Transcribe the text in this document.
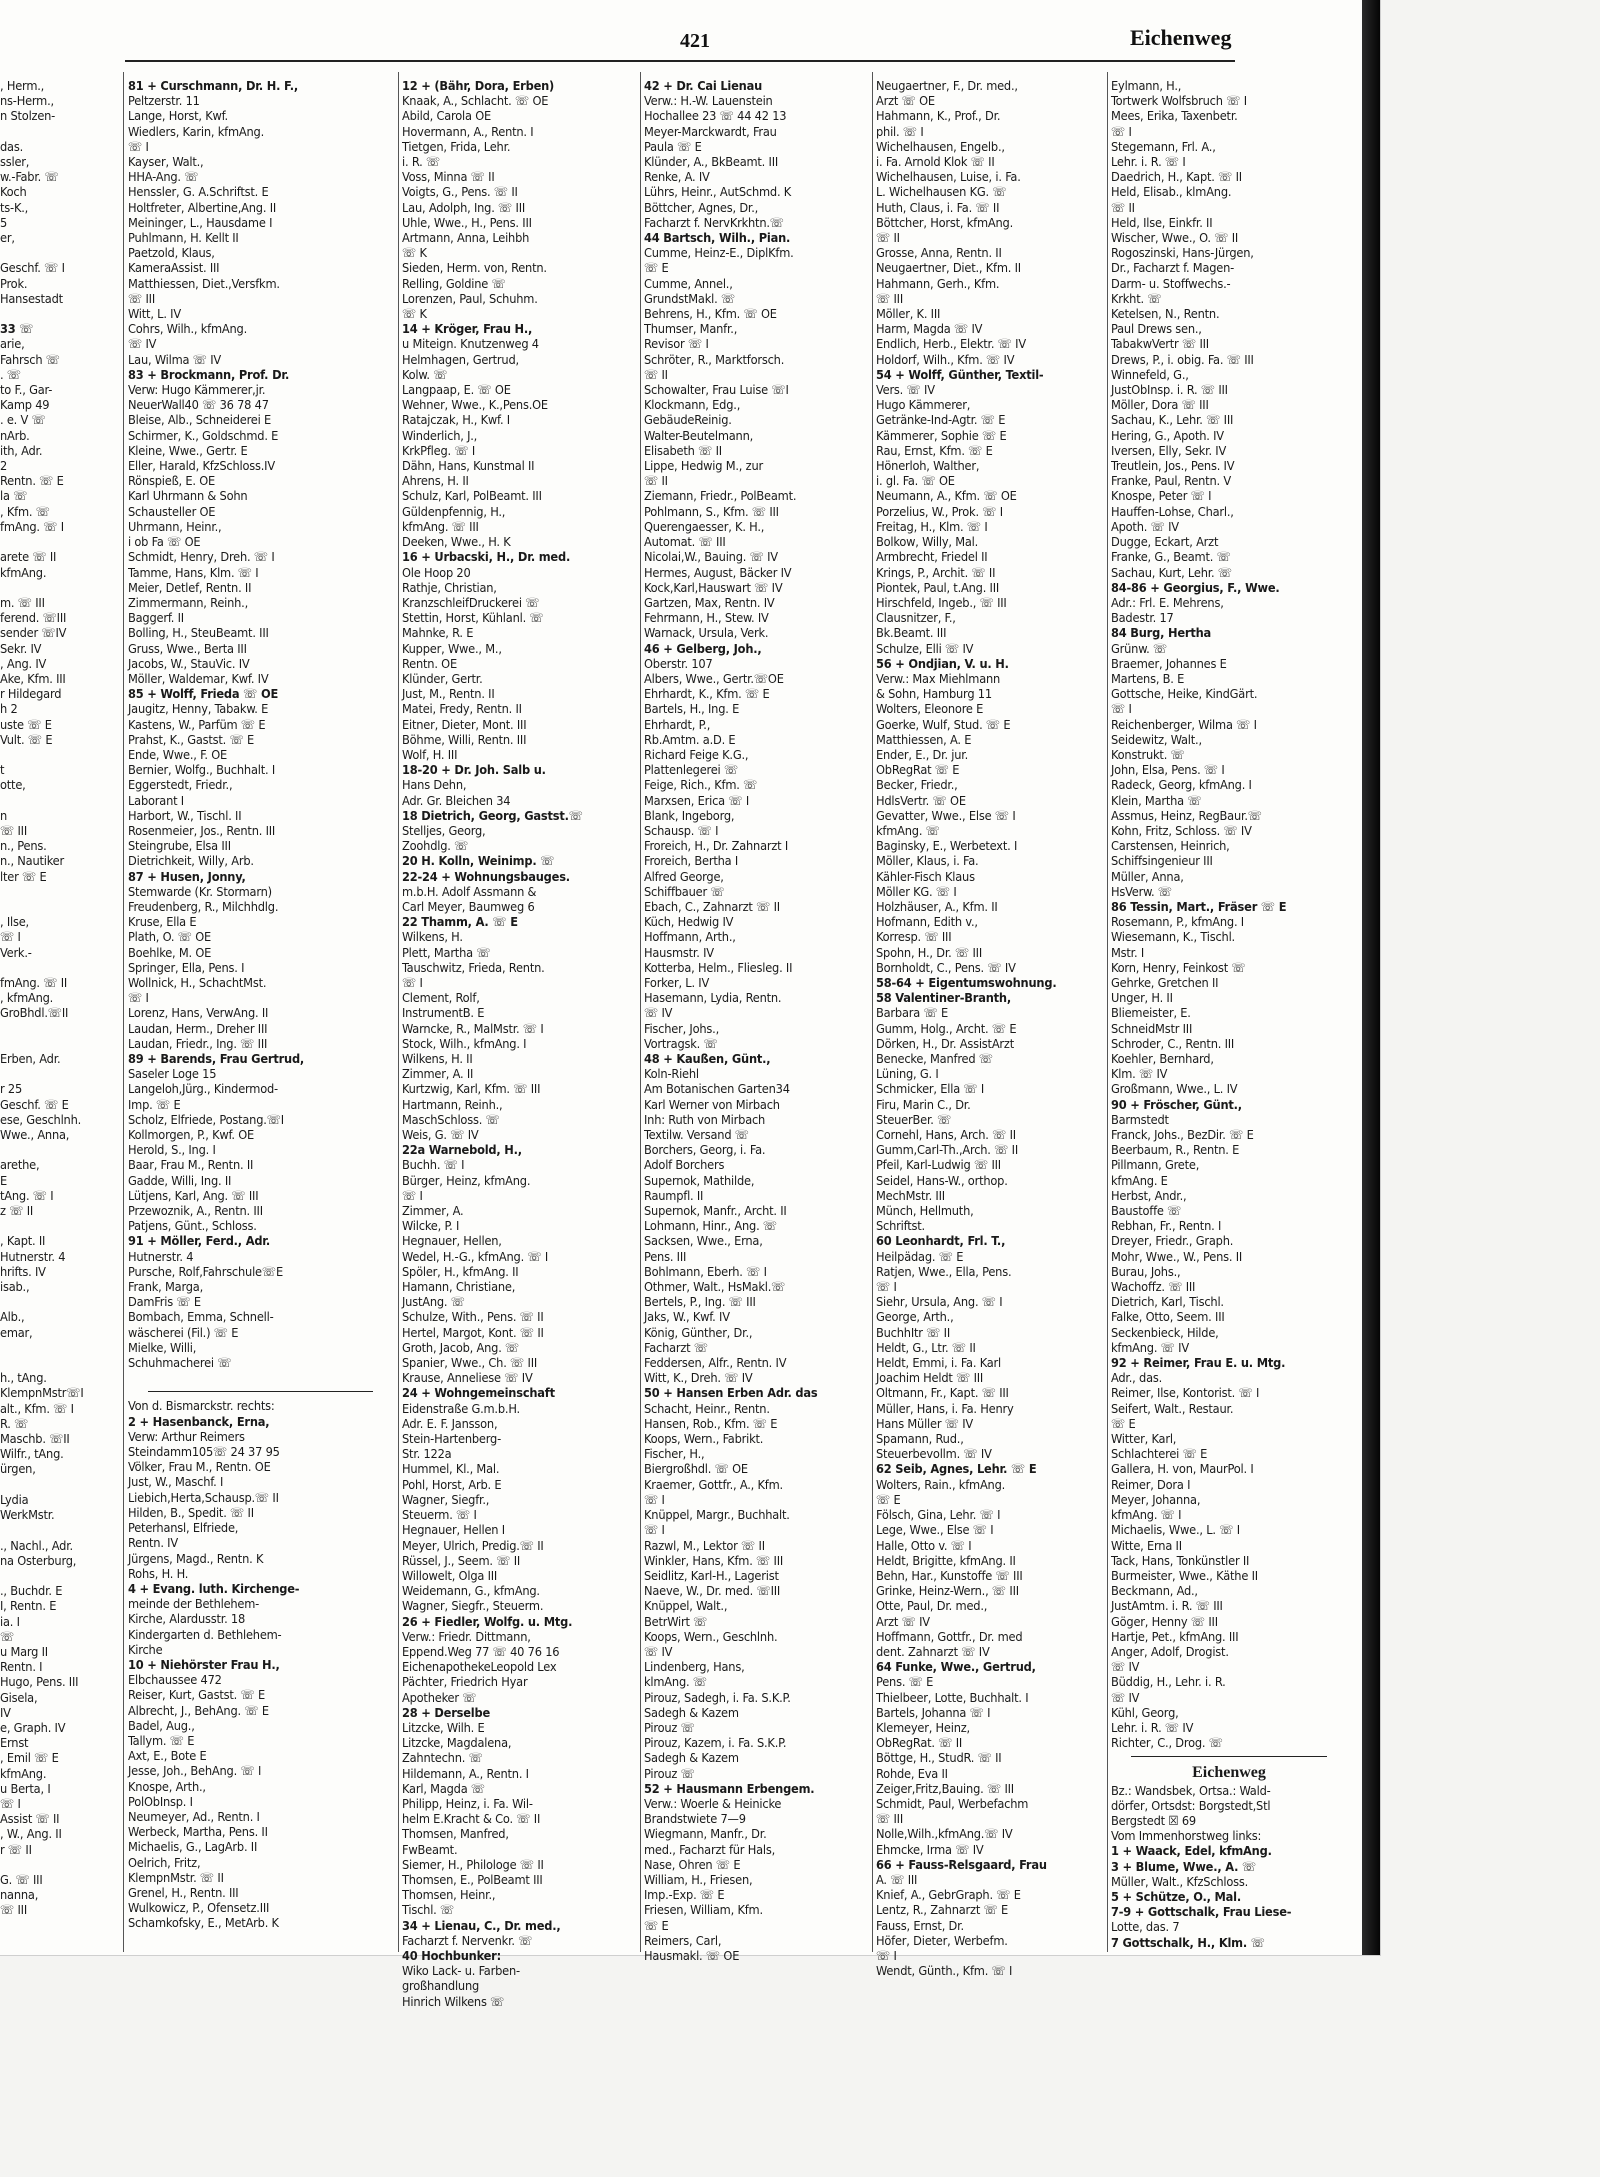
421	Eichenweg
, Herm.,
ns-Herm.,
n Stolzen-

das.
ssler,
w.-Fabr. ☏
Koch
ts-K.,
5
er,

Geschf. ☏ I
Prok.
Hansestadt

33 ☏
arie,
Fahrsch ☏
. ☏
to F., Gar-
Kamp 49
. e. V ☏
nArb.
ith, Adr.
2
Rentn. ☏ E
la ☏
, Kfm. ☏
fmAng. ☏ I

arete ☏ II
kfmAng.

m. ☏ III
ferend. ☏III
sender ☏IV
Sekr. IV
, Ang. IV
Ake, Kfm. III
r Hildegard
h 2
uste ☏ E
Vult. ☏ E

t
otte,

n
☏ III
n., Pens.
n., Nautiker
lter ☏ E

, Ilse,
☏ I
Verk.-

fmAng. ☏ II
, kfmAng.
GroBhdl.☏II

Erben, Adr.

r 25
Geschf. ☏ E
ese, Geschlnh.
Wwe., Anna,

arethe,
E
tAng. ☏ I
z ☏ II

, Kapt. II
Hutnerstr. 4
hrifts. IV
isab.,

Alb.,
emar,

h., tAng.
KlempnMstr☏I
alt., Kfm. ☏ I
R. ☏
Maschb. ☏II
Wilfr., tAng.
ürgen,

Lydia
WerkMstr.

., Nachl., Adr.
na Osterburg,

., Buchdr. E
I, Rentn. E
ia. I
☏
u Marg II
Rentn. I
Hugo, Pens. III
Gisela,
IV
e, Graph. IV
Ernst
, Emil ☏ E
kfmAng.
u Berta, I
☏ I
Assist ☏ II
, W., Ang. II
r ☏ II

G. ☏ III
nanna,
☏ III
81 + Curschmann, Dr. H. F.,
Peltzerstr. 11
Lange, Horst, Kwf.
Wiedlers, Karin, kfmAng.
☏ I
Kayser, Walt.,
HHA-Ang. ☏
Henssler, G. A.Schriftst. E
Holtfreter, Albertine,Ang. II
Meininger, L., Hausdame I
Puhlmann, H. Kellt II
Paetzold, Klaus,
KameraAssist. III
Matthiessen, Diet.,Versfkm.
☏ III
Witt, L. IV
Cohrs, Wilh., kfmAng.
☏ IV
Lau, Wilma ☏ IV
83 + Brockmann, Prof. Dr.
Verw: Hugo Kämmerer,jr.
NeuerWall40 ☏ 36 78 47
Bleise, Alb., Schneiderei E
Schirmer, K., Goldschmd. E
Kleine, Wwe., Gertr. E
Eller, Harald, KfzSchloss.IV
Rönspieß, E. OE
Karl Uhrmann & Sohn
Schausteller OE
Uhrmann, Heinr.,
i ob Fa ☏ OE
Schmidt, Henry, Dreh. ☏ I
Tamme, Hans, Klm. ☏ I
Meier, Detlef, Rentn. II
Zimmermann, Reinh.,
Baggerf. II
Bolling, H., SteuBeamt. III
Gruss, Wwe., Berta III
Jacobs, W., StauVic. IV
Möller, Waldemar, Kwf. IV
85 + Wolff, Frieda ☏ OE
Jaugitz, Henny, Tabakw. E
Kastens, W., Parfüm ☏ E
Prahst, K., Gastst. ☏ E
Ende, Wwe., F. OE
Bernier, Wolfg., Buchhalt. I
Eggerstedt, Friedr.,
Laborant I
Harbort, W., Tischl. II
Rosenmeier, Jos., Rentn. III
Steingrube, Elsa III
Dietrichkeit, Willy, Arb.
87 + Husen, Jonny,
Stemwarde (Kr. Stormarn)
Freudenberg, R., Milchhdlg.
Kruse, Ella E
Plath, O. ☏ OE
Boehlke, M. OE
Springer, Ella, Pens. I
Wollnick, H., SchachtMst.
☏ I
Lorenz, Hans, VerwAng. II
Laudan, Herm., Dreher III
Laudan, Friedr., Ing. ☏ III
89 + Barends, Frau Gertrud,
Saseler Loge 15
Langeloh,Jürg., Kindermod-
Imp. ☏ E
Scholz, Elfriede, Postang.☏I
Kollmorgen, P., Kwf. OE
Herold, S., Ing. I
Baar, Frau M., Rentn. II
Gadde, Willi, Ing. II
Lütjens, Karl, Ang. ☏ III
Przewoznik, A., Rentn. III
Patjens, Günt., Schloss.
91 + Möller, Ferd., Adr.
Hutnerstr. 4
Pursche, Rolf,Fahrschule☏E
Frank, Marga,
DamFris ☏ E
Bombach, Emma, Schnell-
wäscherei (Fil.) ☏ E
Mielke, Willi,
Schuhmacherei ☏

Von d. Bismarckstr. rechts:
2 + Hasenbanck, Erna,
Verw: Arthur Reimers
Steindamm105☏ 24 37 95
Völker, Frau M., Rentn. OE
Just, W., Maschf. I
Liebich,Herta,Schausp.☏ II
Hilden, B., Spedit. ☏ II
Peterhansl, Elfriede,
Rentn. IV
Jürgens, Magd., Rentn. K
Rohs, H. H.
4 + Evang. luth. Kirchenge-
meinde der Bethlehem-
Kirche, Alardusstr. 18
Kindergarten d. Bethlehem-
Kirche
10 + Niehörster Frau H.,
Elbchaussee 472
Reiser, Kurt, Gastst. ☏ E
Albrecht, J., BehAng. ☏ E
Badel, Aug.,
Tallym. ☏ E
Axt, E., Bote E
Jesse, Joh., BehAng. ☏ I
Knospe, Arth.,
PolObInsp. I
Neumeyer, Ad., Rentn. I
Werbeck, Martha, Pens. II
Michaelis, G., LagArb. II
Oelrich, Fritz,
KlempnMstr. ☏ II
Grenel, H., Rentn. III
Wulkowicz, P., Ofensetz.III
Schamkofsky, E., MetArb. K
12 + (Bähr, Dora, Erben)
Knaak, A., Schlacht. ☏ OE
Abild, Carola OE
Hovermann, A., Rentn. I
Tietgen, Frida, Lehr.
i. R. ☏
Voss, Minna ☏ II
Voigts, G., Pens. ☏ II
Lau, Adolph, Ing. ☏ III
Uhle, Wwe., H., Pens. III
Artmann, Anna, Leihbh
☏ K
Sieden, Herm. von, Rentn.
Relling, Goldine ☏
Lorenzen, Paul, Schuhm.
☏ K
14 + Kröger, Frau H.,
u Miteign. Knutzenweg 4
Helmhagen, Gertrud,
Kolw. ☏
Langpaap, E. ☏ OE
Wehner, Wwe., K.,Pens.OE
Ratajczak, H., Kwf. I
Winderlich, J.,
KrkPfleg. ☏ I
Dähn, Hans, Kunstmal II
Ahrens, H. II
Schulz, Karl, PolBeamt. III
Güldenpfennig, H.,
kfmAng. ☏ III
Deeken, Wwe., H. K
16 + Urbacski, H., Dr. med.
Ole Hoop 20
Rathje, Christian,
KranzschleifDruckerei ☏
Stettin, Horst, Kühlanl. ☏
Mahnke, R. E
Kupper, Wwe., M.,
Rentn. OE
Klünder, Gertr.
Just, M., Rentn. II
Matei, Fredy, Rentn. II
Eitner, Dieter, Mont. III
Böhme, Willi, Rentn. III
Wolf, H. III
18-20 + Dr. Joh. Salb u.
Hans Dehn,
Adr. Gr. Bleichen 34
18 Dietrich, Georg, Gastst.☏
Stelljes, Georg,
Zoohdlg. ☏
20 H. Kolln, Weinimp. ☏
22-24 + Wohnungsbauges.
m.b.H. Adolf Assmann &
Carl Meyer, Baumweg 6
22 Thamm, A. ☏ E
Wilkens, H.
Plett, Martha ☏
Tauschwitz, Frieda, Rentn.
☏ I
Clement, Rolf,
InstrumentB. E
Warncke, R., MalMstr. ☏ I
Stock, Wilh., kfmAng. I
Wilkens, H. II
Zimmer, A. II
Kurtzwig, Karl, Kfm. ☏ III
Hartmann, Reinh.,
MaschSchloss. ☏
Weis, G. ☏ IV
22a Warnebold, H.,
Buchh. ☏ I
Bürger, Heinz, kfmAng.
☏ I
Zimmer, A.
Wilcke, P. I
Hegnauer, Hellen,
Wedel, H.-G., kfmAng. ☏ I
Spöler, H., kfmAng. II
Hamann, Christiane,
JustAng. ☏
Schulze, With., Pens. ☏ II
Hertel, Margot, Kont. ☏ II
Groth, Jacob, Ang. ☏
Spanier, Wwe., Ch. ☏ III
Krause, Anneliese ☏ IV
24 + Wohngemeinschaft
Eidenstraße G.m.b.H.
Adr. E. F. Jansson,
Stein-Hartenberg-
Str. 122a
Hummel, Kl., Mal.
Pohl, Horst, Arb. E
Wagner, Siegfr.,
Steuerm. ☏ I
Hegnauer, Hellen I
Meyer, Ulrich, Predig.☏ II
Rüssel, J., Seem. ☏ II
Willowelt, Olga III
Weidemann, G., kfmAng.
Wagner, Siegfr., Steuerm.
26 + Fiedler, Wolfg. u. Mtg.
Verw.: Friedr. Dittmann,
Eppend.Weg 77 ☏ 40 76 16
EichenapothekeLeopold Lex
Pächter, Friedrich Hyar
Apotheker ☏
28 + Derselbe
Litzcke, Wilh. E
Litzcke, Magdalena,
Zahntechn. ☏
Hildemann, A., Rentn. I
Karl, Magda ☏
Philipp, Heinz, i. Fa. Wil-
helm E.Kracht & Co. ☏ II
Thomsen, Manfred,
FwBeamt.
Siemer, H., Philologe ☏ II
Thomsen, E., PolBeamt III
Thomsen, Heinr.,
Tischl. ☏
34 + Lienau, C., Dr. med.,
Facharzt f. Nervenkr. ☏
40 Hochbunker:
Wiko Lack- u. Farben-
großhandlung
Hinrich Wilkens ☏
42 + Dr. Cai Lienau
Verw.: H.-W. Lauenstein
Hochallee 23 ☏ 44 42 13
Meyer-Marckwardt, Frau
Paula ☏ E
Klünder, A., BkBeamt. III
Renke, A. IV
Lührs, Heinr., AutSchmd. K
Böttcher, Agnes, Dr.,
Facharzt f. NervKrkhtn.☏
44 Bartsch, Wilh., Pian.
Cumme, Heinz-E., DiplKfm.
☏ E
Cumme, Annel.,
GrundstMakl. ☏
Behrens, H., Kfm. ☏ OE
Thumser, Manfr.,
Revisor ☏ I
Schröter, R., Marktforsch.
☏ II
Schowalter, Frau Luise ☏I
Klockmann, Edg.,
GebäudeReinig.
Walter-Beutelmann,
Elisabeth ☏ II
Lippe, Hedwig M., zur
☏ II
Ziemann, Friedr., PolBeamt.
Pohlmann, S., Kfm. ☏ III
Querengaesser, K. H.,
Automat. ☏ III
Nicolai,W., Bauing. ☏ IV
Hermes, August, Bäcker IV
Kock,Karl,Hauswart ☏ IV
Gartzen, Max, Rentn. IV
Fehrmann, H., Stew. IV
Warnack, Ursula, Verk.
46 + Gelberg, Joh.,
Oberstr. 107
Albers, Wwe., Gertr.☏OE
Ehrhardt, K., Kfm. ☏ E
Bartels, H., Ing. E
Ehrhardt, P.,
Rb.Amtm. a.D. E
Richard Feige K.G.,
Plattenlegerei ☏
Feige, Rich., Kfm. ☏
Marxsen, Erica ☏ I
Blank, Ingeborg,
Schausp. ☏ I
Froreich, H., Dr. Zahnarzt I
Froreich, Bertha I
Alfred George,
Schiffbauer ☏
Ebach, C., Zahnarzt ☏ II
Küch, Hedwig IV
Hoffmann, Arth.,
Hausmstr. IV
Kotterba, Helm., Fliesleg. II
Forker, L. IV
Hasemann, Lydia, Rentn.
☏ IV
Fischer, Johs.,
Vortragsk. ☏
48 + Kaußen, Günt.,
Koln-Riehl
Am Botanischen Garten34
Karl Werner von Mirbach
Inh: Ruth von Mirbach
Textilw. Versand ☏
Borchers, Georg, i. Fa.
Adolf Borchers
Supernok, Mathilde,
Raumpfl. II
Supernok, Manfr., Archt. II
Lohmann, Hinr., Ang. ☏
Sacksen, Wwe., Erna,
Pens. III
Bohlmann, Eberh. ☏ I
Othmer, Walt., HsMakl.☏
Bertels, P., Ing. ☏ III
Jaks, W., Kwf. IV
König, Günther, Dr.,
Facharzt ☏
Feddersen, Alfr., Rentn. IV
Witt, K., Dreh. ☏ IV
50 + Hansen Erben Adr. das
Schacht, Heinr., Rentn.
Hansen, Rob., Kfm. ☏ E
Koops, Wern., Fabrikt.
Fischer, H.,
Biergroßhdl. ☏ OE
Kraemer, Gottfr., A., Kfm.
☏ I
Knüppel, Margr., Buchhalt.
☏ I
Razwl, M., Lektor ☏ II
Winkler, Hans, Kfm. ☏ III
Seidlitz, Karl-H., Lagerist
Naeve, W., Dr. med. ☏III
Knüppel, Walt.,
BetrWirt ☏
Koops, Wern., Geschlnh.
☏ IV
Lindenberg, Hans,
klmAng. ☏
Pirouz, Sadegh, i. Fa. S.K.P.
Sadegh & Kazem
Pirouz ☏
Pirouz, Kazem, i. Fa. S.K.P.
Sadegh & Kazem
Pirouz ☏
52 + Hausmann Erbengem.
Verw.: Woerle & Heinicke
Brandstwiete 7—9
Wiegmann, Manfr., Dr.
med., Facharzt für Hals,
Nase, Ohren ☏ E
William, H., Friesen,
Imp.-Exp. ☏ E
Friesen, William, Kfm.
☏ E
Reimers, Carl,
Hausmakl. ☏ OE
Neugaertner, F., Dr. med.,
Arzt ☏ OE
Hahmann, K., Prof., Dr.
phil. ☏ I
Wichelhausen, Engelb.,
i. Fa. Arnold Klok ☏ II
Wichelhausen, Luise, i. Fa.
L. Wichelhausen KG. ☏
Huth, Claus, i. Fa. ☏ II
Böttcher, Horst, kfmAng.
☏ II
Grosse, Anna, Rentn. II
Neugaertner, Diet., Kfm. II
Hahmann, Gerh., Kfm.
☏ III
Möller, K. III
Harm, Magda ☏ IV
Endlich, Herb., Elektr. ☏ IV
Holdorf, Wilh., Kfm. ☏ IV
54 + Wolff, Günther, Textil-
Vers. ☏ IV
Hugo Kämmerer,
Getränke-Ind-Agtr. ☏ E
Kämmerer, Sophie ☏ E
Rau, Ernst, Kfm. ☏ E
Hönerloh, Walther,
i. gl. Fa. ☏ OE
Neumann, A., Kfm. ☏ OE
Porzelius, W., Prok. ☏ I
Freitag, H., Klm. ☏ I
Bolkow, Willy, Mal.
Armbrecht, Friedel II
Krings, P., Archit. ☏ II
Piontek, Paul, t.Ang. III
Hirschfeld, Ingeb., ☏ III
Clausnitzer, F.,
Bk.Beamt. III
Schulze, Elli ☏ IV
56 + Ondjian, V. u. H.
Verw.: Max Miehlmann
& Sohn, Hamburg 11
Wolters, Eleonore E
Goerke, Wulf, Stud. ☏ E
Matthiessen, A. E
Ender, E., Dr. jur.
ObRegRat ☏ E
Becker, Friedr.,
HdlsVertr. ☏ OE
Gevatter, Wwe., Else ☏ I
kfmAng. ☏
Baginsky, E., Werbetext. I
Möller, Klaus, i. Fa.
Kähler-Fisch Klaus
Möller KG. ☏ I
Holzhäuser, A., Kfm. II
Hofmann, Edith v.,
Korresp. ☏ III
Spohn, H., Dr. ☏ III
Bornholdt, C., Pens. ☏ IV
58-64 + Eigentumswohnung.
58 Valentiner-Branth,
Barbara ☏ E
Gumm, Holg., Archt. ☏ E
Dörken, H., Dr. AssistArzt
Benecke, Manfred ☏
Lüning, G. I
Schmicker, Ella ☏ I
Firu, Marin C., Dr.
SteuerBer. ☏
Cornehl, Hans, Arch. ☏ II
Gumm,Carl-Th.,Arch. ☏ II
Pfeil, Karl-Ludwig ☏ III
Seidel, Hans-W., orthop.
MechMstr. III
Münch, Hellmuth,
Schriftst.
60 Leonhardt, Frl. T.,
Heilpädag. ☏ E
Ratjen, Wwe., Ella, Pens.
☏ I
Siehr, Ursula, Ang. ☏ I
George, Arth.,
BuchhItr ☏ II
Heldt, G., Ltr. ☏ II
Heldt, Emmi, i. Fa. Karl
Joachim Heldt ☏ III
Oltmann, Fr., Kapt. ☏ III
Müller, Hans, i. Fa. Henry
Hans Müller ☏ IV
Spamann, Rud.,
Steuerbevollm. ☏ IV
62 Seib, Agnes, Lehr. ☏ E
Wolters, Rain., kfmAng.
☏ E
Fölsch, Gina, Lehr. ☏ I
Lege, Wwe., Else ☏ I
Halle, Otto v. ☏ I
Heldt, Brigitte, kfmAng. II
Behn, Har., Kunstoffe ☏ III
Grinke, Heinz-Wern., ☏ III
Otte, Paul, Dr. med.,
Arzt ☏ IV
Hoffmann, Gottfr., Dr. med
dent. Zahnarzt ☏ IV
64 Funke, Wwe., Gertrud,
Pens. ☏ E
Thielbeer, Lotte, Buchhalt. I
Bartels, Johanna ☏ I
Klemeyer, Heinz,
ObRegRat. ☏ II
Böttge, H., StudR. ☏ II
Rohde, Eva II
Zeiger,Fritz,Bauing. ☏ III
Schmidt, Paul, Werbefachm
☏ III
Nolle,Wilh.,kfmAng.☏ IV
Ehmcke, Irma ☏ IV
66 + Fauss-Relsgaard, Frau
A. ☏ III
Knief, A., GebrGraph. ☏ E
Lentz, R., Zahnarzt ☏ E
Fauss, Ernst, Dr.
Höfer, Dieter, Werbefm.
☏ I
Wendt, Günth., Kfm. ☏ I
Eylmann, H.,
Tortwerk Wolfsbruch ☏ I
Mees, Erika, Taxenbetr.
☏ I
Stegemann, Frl. A.,
Lehr. i. R. ☏ I
Daedrich, H., Kapt. ☏ II
Held, Elisab., klmAng.
☏ II
Held, Ilse, Einkfr. II
Wischer, Wwe., O. ☏ II
Rogoszinski, Hans-Jürgen,
Dr., Facharzt f. Magen-
Darm- u. Stoffwechs.-
Krkht. ☏
Ketelsen, N., Rentn.
Paul Drews sen.,
TabakwVertr ☏ III
Drews, P., i. obig. Fa. ☏ III
Winnefeld, G.,
JustObInsp. i. R. ☏ III
Möller, Dora ☏ III
Sachau, K., Lehr. ☏ III
Hering, G., Apoth. IV
Iversen, Elly, Sekr. IV
Treutlein, Jos., Pens. IV
Franke, Paul, Rentn. V
Knospe, Peter ☏ I
Hauffen-Lohse, Charl.,
Apoth. ☏ IV
Dugge, Eckart, Arzt
Franke, G., Beamt. ☏
Sachau, Kurt, Lehr. ☏
84-86 + Georgius, F., Wwe.
Adr.: Frl. E. Mehrens,
Badestr. 17
84 Burg, Hertha
Grünw. ☏
Braemer, Johannes E
Martens, B. E
Gottsche, Heike, KindGärt.
☏ I
Reichenberger, Wilma ☏ I
Seidewitz, Walt.,
Konstrukt. ☏
John, Elsa, Pens. ☏ I
Radeck, Georg, kfmAng. I
Klein, Martha ☏
Assmus, Heinz, RegBaur.☏
Kohn, Fritz, Schloss. ☏ IV
Carstensen, Heinrich,
Schiffsingenieur III
Müller, Anna,
HsVerw. ☏
86 Tessin, Mart., Fräser ☏ E
Rosemann, P., kfmAng. I
Wiesemann, K., Tischl.
Mstr. I
Korn, Henry, Feinkost ☏
Gehrke, Gretchen II
Unger, H. II
Bliemeister, E.
SchneidMstr III
Schroder, C., Rentn. III
Koehler, Bernhard,
Klm. ☏ IV
Großmann, Wwe., L. IV
90 + Fröscher, Günt.,
Barmstedt
Franck, Johs., BezDir. ☏ E
Beerbaum, R., Rentn. E
Pillmann, Grete,
kfmAng. E
Herbst, Andr.,
Baustoffe ☏
Rebhan, Fr., Rentn. I
Dreyer, Friedr., Graph.
Mohr, Wwe., W., Pens. II
Burau, Johs.,
Wachoffz. ☏ III
Dietrich, Karl, Tischl.
Falke, Otto, Seem. III
Seckenbieck, Hilde,
kfmAng. ☏ IV
92 + Reimer, Frau E. u. Mtg.
Adr., das.
Reimer, Ilse, Kontorist. ☏ I
Seifert, Walt., Restaur.
☏ E
Witter, Karl,
Schlachterei ☏ E
Gallera, H. von, MaurPol. I
Reimer, Dora I
Meyer, Johanna,
kfmAng. ☏ I
Michaelis, Wwe., L. ☏ I
Witte, Erna II
Tack, Hans, Tonkünstler II
Burmeister, Wwe., Käthe II
Beckmann, Ad.,
JustAmtm. i. R. ☏ III
Göger, Henny ☏ III
Hartje, Pet., kfmAng. III
Anger, Adolf, Drogist.
☏ IV
Büddig, H., Lehr. i. R.
☏ IV
Kühl, Georg,
Lehr. i. R. ☏ IV
Richter, C., Drog. ☏
Eichenweg
Bz.: Wandsbek, Ortsa.: Wald-
dörfer, Ortsdst: Borgstedt,Stl
Bergstedt ☒ 69
Vom Immenhorstweg links:
1 + Waack, Edel, kfmAng.
3 + Blume, Wwe., A. ☏
Müller, Walt., KfzSchloss.
5 + Schütze, O., Mal.
7-9 + Gottschalk, Frau Liese-
Lotte, das. 7
7 Gottschalk, H., Klm. ☏
